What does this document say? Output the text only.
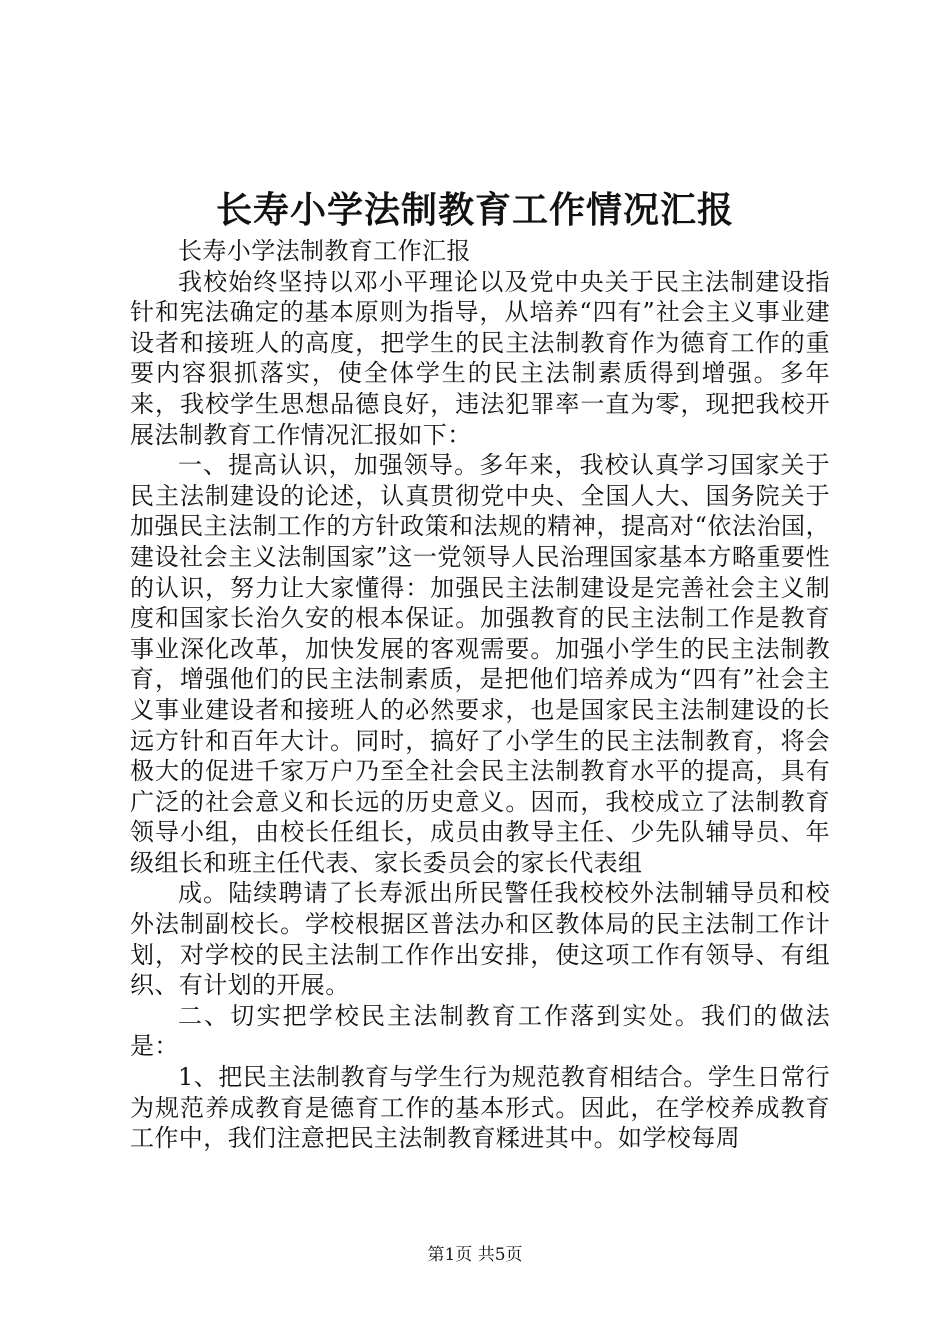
长寿小学法制教育工作情况汇报

长寿小学法制教育工作汇报

我校始终坚持以邓小平理论以及党中央关于民主法制建设指针和宪法确定的基本原则为指导，从培养“四有”社会主义事业建设者和接班人的高度，把学生的民主法制教育作为德育工作的重要内容狠抓落实，使全体学生的民主法制素质得到增强。多年来，我校学生思想品德良好，违法犯罪率一直为零，现把我校开展法制教育工作情况汇报如下：

一、提高认识，加强领导。多年来，我校认真学习国家关于民主法制建设的论述，认真贯彻党中央、全国人大、国务院关于加强民主法制工作的方针政策和法规的精神，提高对“依法治国，建设社会主义法制国家”这一党领导人民治理国家基本方略重要性的认识，努力让大家懂得：加强民主法制建设是完善社会主义制度和国家长治久安的根本保证。加强教育的民主法制工作是教育事业深化改革，加快发展的客观需要。加强小学生的民主法制教育，增强他们的民主法制素质，是把他们培养成为“四有”社会主义事业建设者和接班人的必然要求，也是国家民主法制建设的长远方针和百年大计。同时，搞好了小学生的民主法制教育，将会极大的促进千家万户乃至全社会民主法制教育水平的提高，具有广泛的社会意义和长远的历史意义。因而，我校成立了法制教育领导小组，由校长任组长，成员由教导主任、少先队辅导员、年级组长和班主任代表、家长委员会的家长代表组

成。陆续聘请了长寿派出所民警任我校校外法制辅导员和校外法制副校长。学校根据区普法办和区教体局的民主法制工作计划，对学校的民主法制工作作出安排，使这项工作有领导、有组织、有计划的开展。

二、切实把学校民主法制教育工作落到实处。我们的做法是：

1、把民主法制教育与学生行为规范教育相结合。学生日常行为规范养成教育是德育工作的基本形式。因此，在学校养成教育工作中，我们注意把民主法制教育糅进其中。如学校每周

第1页 共5页
